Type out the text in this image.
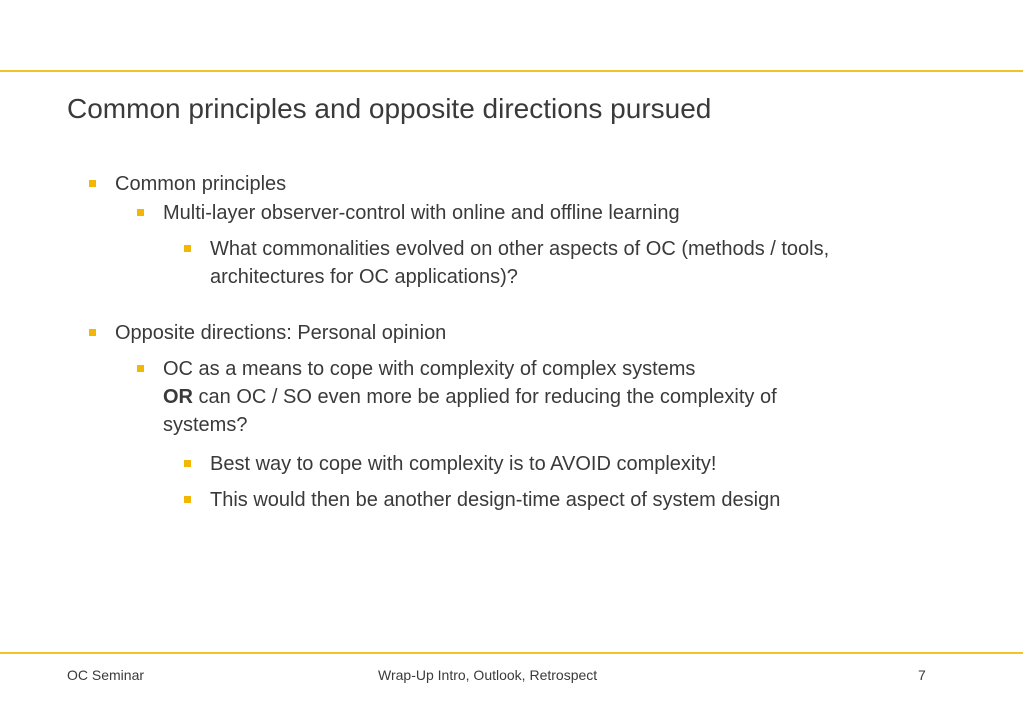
Common principles and opposite directions pursued
Common principles
Multi-layer observer-control with online and offline learning
What commonalities evolved on other aspects of OC (methods / tools,
architectures for OC applications)?
Opposite directions: Personal opinion
OC as a means to cope with complexity of complex systems
OR can OC / SO even more be applied for reducing the complexity of
systems?
Best way to cope with complexity is to AVOID complexity!
This would then be another design-time aspect of system design
OC Seminar	Wrap-Up Intro, Outlook, Retrospect	7
